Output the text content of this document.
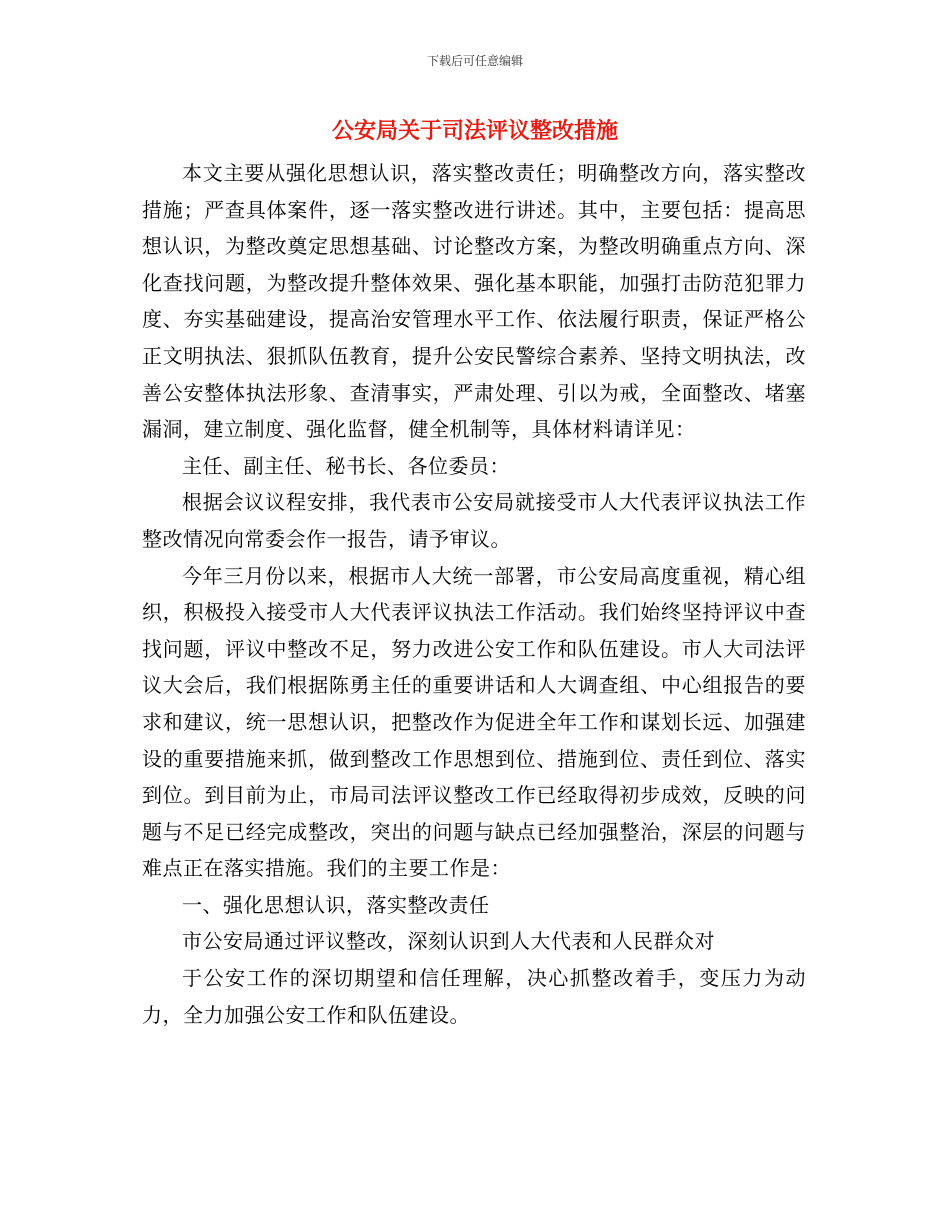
下载后可任意编辑
公安局关于司法评议整改措施

本文主要从强化思想认识，落实整改责任；明确整改方向，落实整改措施；严查具体案件，逐一落实整改进行讲述。其中，主要包括：提高思想认识，为整改奠定思想基础、讨论整改方案，为整改明确重点方向、深化查找问题，为整改提升整体效果、强化基本职能，加强打击防范犯罪力度、夯实基础建设，提高治安管理水平工作、依法履行职责，保证严格公正文明执法、狠抓队伍教育，提升公安民警综合素养、坚持文明执法，改善公安整体执法形象、查清事实，严肃处理、引以为戒，全面整改、堵塞漏洞，建立制度、强化监督，健全机制等，具体材料请详见：

主任、副主任、秘书长、各位委员：

根据会议议程安排，我代表市公安局就接受市人大代表评议执法工作整改情况向常委会作一报告，请予审议。

今年三月份以来，根据市人大统一部署，市公安局高度重视，精心组织，积极投入接受市人大代表评议执法工作活动。我们始终坚持评议中查找问题，评议中整改不足，努力改进公安工作和队伍建设。市人大司法评议大会后，我们根据陈勇主任的重要讲话和人大调查组、中心组报告的要求和建议，统一思想认识，把整改作为促进全年工作和谋划长远、加强建设的重要措施来抓，做到整改工作思想到位、措施到位、责任到位、落实到位。到目前为止，市局司法评议整改工作已经取得初步成效，反映的问题与不足已经完成整改，突出的问题与缺点已经加强整治，深层的问题与难点正在落实措施。我们的主要工作是：

一、强化思想认识，落实整改责任

市公安局通过评议整改，深刻认识到人大代表和人民群众对

于公安工作的深切期望和信任理解，决心抓整改着手，变压力为动力，全力加强公安工作和队伍建设。
